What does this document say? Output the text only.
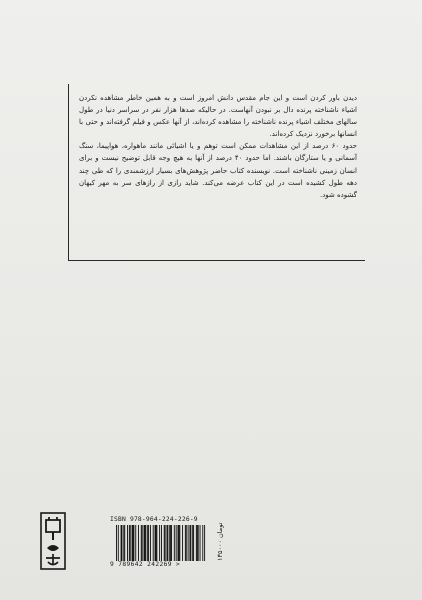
دیدن باور کردن است و این جام مقدس دانش امروز است و به همین خاطر مشاهده نکردن اشیاء ناشناخته پرنده دال بر نبودن آنهاست. در حالیکه صدها هزار نفر در سراسر دنیا در طول سالهای مختلف اشیاء پرنده ناشناخته را مشاهده کرده‌اند، از آنها عکس و فیلم گرفته‌اند و حتی با انسانها برخورد نزدیک کرده‌اند.

حدود ۶۰ درصد از این مشاهدات ممکن است توهم و یا اشیائی مانند ماهواره، هواپیما، سنگ آسمانی و یا ستارگان باشند. اما حدود ۴۰ درصد از آنها به هیچ وجه قابل توضیح نیست و برای انسان زمینی ناشناخته است. نویسنده کتاب حاضر پژوهش‌های بسیار ارزشمندی را که طی چند دهه طول کشیده است در این کتاب عرضه می‌کند. شاید رازی از رازهای سر به مهر کیهان گشوده شود.

ISBN 978-964-224-226-9
9 789642 242269 >
۱۳۵۰۰۰ تومان
